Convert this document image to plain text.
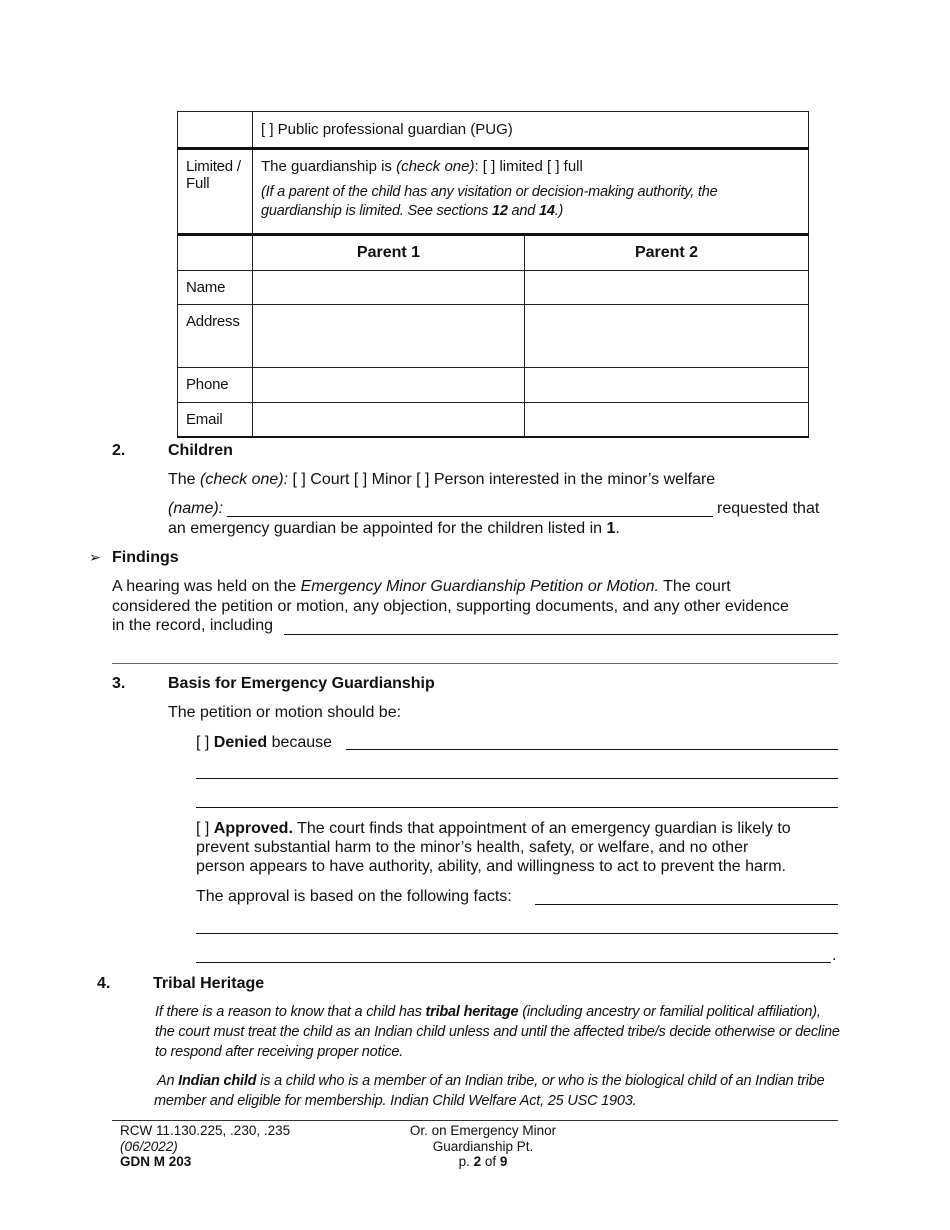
	[ ] Public professional guardian (PUG)	
Limited / Full	The guardianship is (check one): [ ] limited [ ] full
(If a parent of the child has any visitation or decision-making authority, the guardianship is limited. See sections 12 and 14.)	

	Parent 1	Parent 2
Name		
Address		
Phone		
Email		
2.	Children
The (check one): [ ] Court [ ] Minor [ ] Person interested in the minor’s welfare
(name):	requested that
an emergency guardian be appointed for the children listed in 1.
➢ Findings
A hearing was held on the Emergency Minor Guardianship Petition or Motion. The court
considered the petition or motion, any objection, supporting documents, and any other evidence
in the record, including
3.	Basis for Emergency Guardianship
The petition or motion should be:
[ ] Denied because
[ ] Approved. The court finds that appointment of an emergency guardian is likely to
prevent substantial harm to the minor’s health, safety, or welfare, and no other
person appears to have authority, ability, and willingness to act to prevent the harm.
The approval is based on the following facts:
.
4.	Tribal Heritage
If there is a reason to know that a child has tribal heritage (including ancestry or familial political affiliation),
the court must treat the child as an Indian child unless and until the affected tribe/s decide otherwise or decline
to respond after receiving proper notice.
An Indian child is a child who is a member of an Indian tribe, or who is the biological child of an Indian tribe
member and eligible for membership. Indian Child Welfare Act, 25 USC 1903.
RCW 11.130.225, .230, .235
(06/2022)
GDN M 203
Or. on Emergency Minor
Guardianship Pt.
p. 2 of 9
